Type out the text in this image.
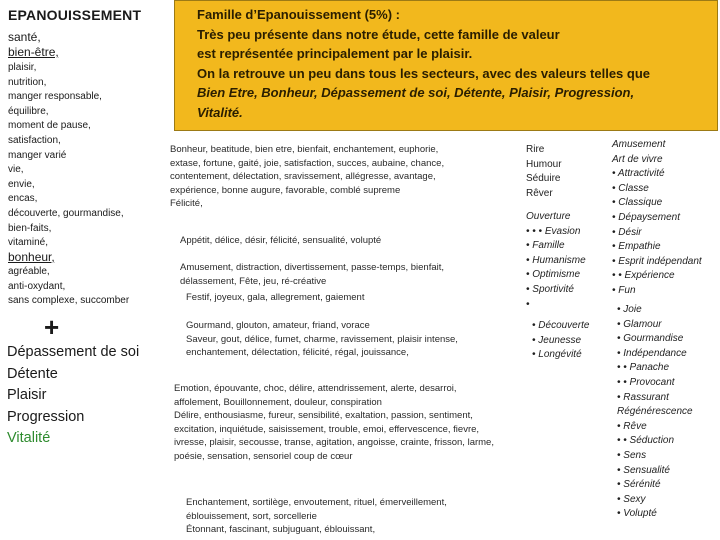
EPANOUISSEMENT
santé,
bien-être,
plaisir,
nutrition,
manger responsable,
équilibre,
moment de pause,
satisfaction,
manger varié
vie,
envie,
encas,
découverte, gourmandise,
bien-faits,
vitaminé,
bonheur,
agréable,
anti-oxydant,
sans complexe, succomber
+
Dépassement de soi
Détente
Plaisir
Progression
Vitalité
Famille d’Epanouissement (5%) :
Très peu présente dans notre étude, cette famille de valeur
est représentée principalement par le plaisir.
On la retrouve un peu dans tous les secteurs, avec des valeurs telles que
Bien Etre, Bonheur, Dépassement de soi, Détente, Plaisir, Progression,
Vitalité.
Bonheur, beatitude, bien etre, bienfait, enchantement, euphorie,
extase, fortune, gaité, joie, satisfaction, succes, aubaine, chance,
contentement, délectation, sravissement, allégresse, avantage,
expérience, bonne augure, favorable, comblé supreme
Félicité,
Appétit, délice, désir, félicité, sensualité, volupté
Amusement, distraction, divertissement, passe-temps, bienfait,
délassement, Fête, jeu, ré-créative
Festif, joyeux, gala, allegrement, gaiement
Gourmand, glouton, amateur, friand, vorace
Saveur, gout, délice, fumet, charme, ravissement, plaisir intense,
enchantement, délectation, félicité, régal, jouissance,
Emotion, épouvante, choc, délire, attendrissement, alerte, desarroi,
affolement, Bouillonnement, douleur, conspiration
Délire, enthousiasme, fureur, sensibilité, exaltation, passion, sentiment,
excitation, inquiétude, saisissement, trouble, emoi, effervescence, fievre,
ivresse, plaisir, secousse, transe, agitation, angoisse, crainte, frisson, larme,
poésie, sensation, sensoriel coup de cœur
Enchantement, sortilège, envoutement, rituel, émerveillement,
éblouissement, sort, sorcellerie
Étonnant, fascinant, subjuguant, éblouissant,
Rire
Humour
Séduire
Rêver
Ouverture
• • • Evasion
• Famille
• Humanisme
• Optimisme
• Sportivité
•
• Découverte
• Jeunesse
• Longévité
Amusement
Art de vivre
• Attractivité
• Classe
• Classique
• Dépaysement
• Désir
• Empathie
• Esprit indépendant
• • Expérience
• Fun
• Joie
• Glamour
• Gourmandise
• Indépendance
• • Panache
• • Provocant
• Rassurant
Régénérescence
• Rêve
• • Séduction
• Sens
• Sensualité
• Sérénité
• Sexy
• Volupté
